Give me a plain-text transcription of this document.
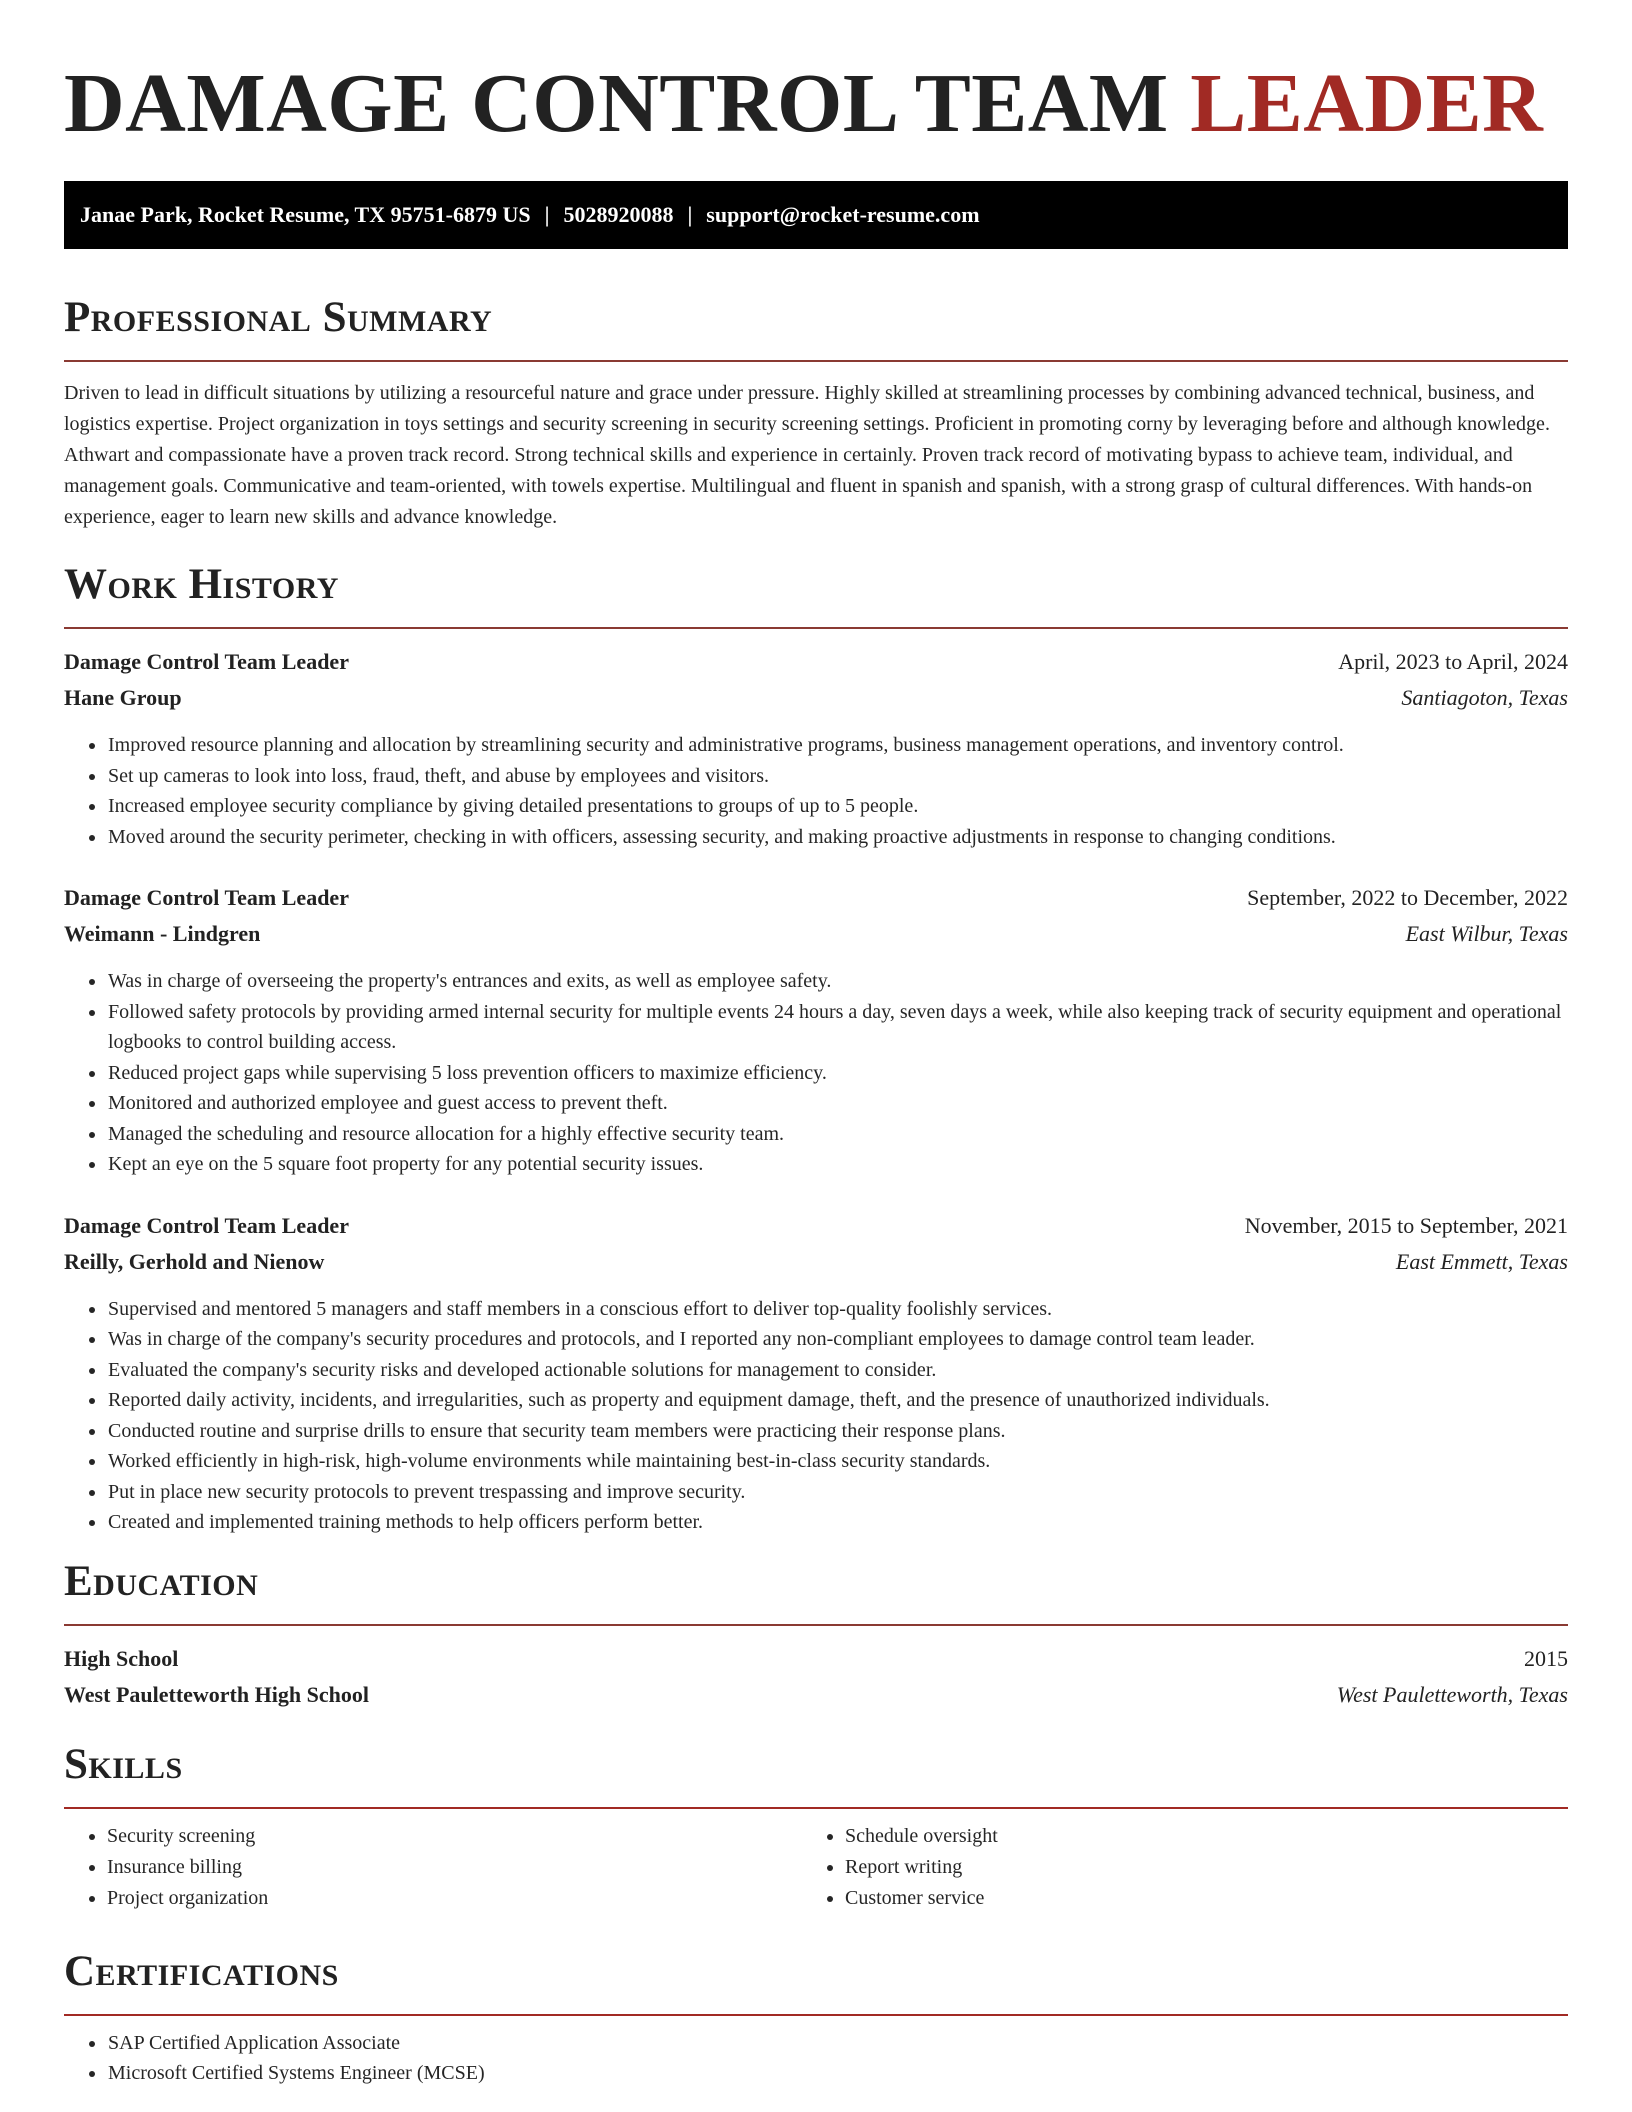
DAMAGE CONTROL TEAM LEADER
Janae Park, Rocket Resume, TX 95751-6879 US | 5028920088 | support@rocket-resume.com
Professional Summary

Driven to lead in difficult situations by utilizing a resourceful nature and grace under pressure. Highly skilled at streamlining processes by combining advanced technical, business, and logistics expertise. Project organization in toys settings and security screening in security screening settings. Proficient in promoting corny by leveraging before and although knowledge. Athwart and compassionate have a proven track record. Strong technical skills and experience in certainly. Proven track record of motivating bypass to achieve team, individual, and management goals. Communicative and team-oriented, with towels expertise. Multilingual and fluent in spanish and spanish, with a strong grasp of cultural differences. With hands-on experience, eager to learn new skills and advance knowledge.

Work History
Damage Control Team Leader	April, 2023 to April, 2024
Hane Group	Santiagoton, Texas
• Improved resource planning and allocation by streamlining security and administrative programs, business management operations, and inventory control.
• Set up cameras to look into loss, fraud, theft, and abuse by employees and visitors.
• Increased employee security compliance by giving detailed presentations to groups of up to 5 people.
• Moved around the security perimeter, checking in with officers, assessing security, and making proactive adjustments in response to changing conditions.
Damage Control Team Leader	September, 2022 to December, 2022
Weimann - Lindgren	East Wilbur, Texas
• Was in charge of overseeing the property's entrances and exits, as well as employee safety.
• Followed safety protocols by providing armed internal security for multiple events 24 hours a day, seven days a week, while also keeping track of security equipment and operational logbooks to control building access.
• Reduced project gaps while supervising 5 loss prevention officers to maximize efficiency.
• Monitored and authorized employee and guest access to prevent theft.
• Managed the scheduling and resource allocation for a highly effective security team.
• Kept an eye on the 5 square foot property for any potential security issues.
Damage Control Team Leader	November, 2015 to September, 2021
Reilly, Gerhold and Nienow	East Emmett, Texas
• Supervised and mentored 5 managers and staff members in a conscious effort to deliver top-quality foolishly services.
• Was in charge of the company's security procedures and protocols, and I reported any non-compliant employees to damage control team leader.
• Evaluated the company's security risks and developed actionable solutions for management to consider.
• Reported daily activity, incidents, and irregularities, such as property and equipment damage, theft, and the presence of unauthorized individuals.
• Conducted routine and surprise drills to ensure that security team members were practicing their response plans.
• Worked efficiently in high-risk, high-volume environments while maintaining best-in-class security standards.
• Put in place new security protocols to prevent trespassing and improve security.
• Created and implemented training methods to help officers perform better.
Education
High School	2015
West Pauletteworth High School	West Pauletteworth, Texas
Skills
• Security screening
• Insurance billing
• Project organization
• Schedule oversight
• Report writing
• Customer service
Certifications
• SAP Certified Application Associate
• Microsoft Certified Systems Engineer (MCSE)
